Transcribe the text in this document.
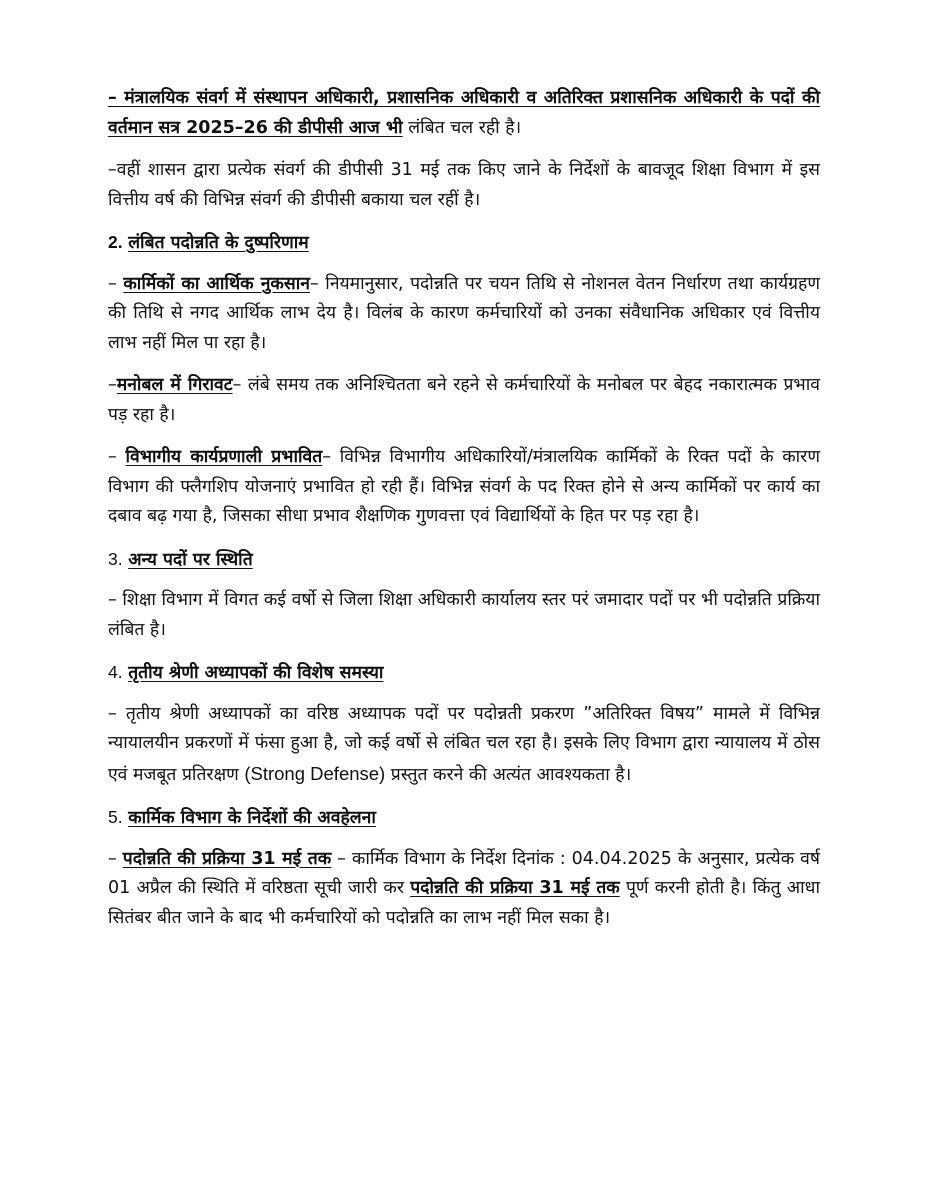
– मंत्रालयिक संवर्ग में संस्थापन अधिकारी, प्रशासनिक अधिकारी व अतिरिक्त प्रशासनिक अधिकारी के पदों की वर्तमान सत्र 2025–26 की डीपीसी आज भी लंबित चल रही है।

–वहीं शासन द्वारा प्रत्येक संवर्ग की डीपीसी 31 मई तक किए जाने के निर्देशों के बावजूद शिक्षा विभाग में इस वित्तीय वर्ष की विभिन्न संवर्ग की डीपीसी बकाया चल रहीं है।

2. लंबित पदोन्नति के दुष्परिणाम

– कार्मिकों का आर्थिक नुकसान– नियमानुसार, पदोन्नति पर चयन तिथि से नोशनल वेतन निर्धारण तथा कार्यग्रहण की तिथि से नगद आर्थिक लाभ देय है। विलंब के कारण कर्मचारियों को उनका संवैधानिक अधिकार एवं वित्तीय लाभ नहीं मिल पा रहा है।

–मनोबल में गिरावट– लंबे समय तक अनिश्चितता बने रहने से कर्मचारियों के मनोबल पर बेहद नकारात्मक प्रभाव पड़ रहा है।

– विभागीय कार्यप्रणाली प्रभावित– विभिन्न विभागीय अधिकारियों/मंत्रालयिक कार्मिकों के रिक्त पदों के कारण विभाग की फ्लैगशिप योजनाएं प्रभावित हो रही हैं। विभिन्न संवर्ग के पद रिक्त होने से अन्य कार्मिकों पर कार्य का दबाव बढ़ गया है, जिसका सीधा प्रभाव शैक्षणिक गुणवत्ता एवं विद्यार्थियों के हित पर पड़ रहा है।

3. अन्य पदों पर स्थिति

– शिक्षा विभाग में विगत कई वर्षो से जिला शिक्षा अधिकारी कार्यालय स्तर परं जमादार पदों पर भी पदोन्नति प्रक्रिया लंबित है।

4. तृतीय श्रेणी अध्यापकों की विशेष समस्या

– तृतीय श्रेणी अध्यापकों का वरिष्ठ अध्यापक पदों पर पदोन्नती प्रकरण ”अतिरिक्त विषय” मामले में विभिन्न न्यायालयीन प्रकरणों में फंसा हुआ है, जो कई वर्षो से लंबित चल रहा है। इसके लिए विभाग द्वारा न्यायालय में ठोस एवं मजबूत प्रतिरक्षण (Strong Defense) प्रस्तुत करने की अत्यंत आवश्यकता है।

5. कार्मिक विभाग के निर्देशों की अवहेलना

– पदोन्नति की प्रक्रिया 31 मई तक – कार्मिक विभाग के निर्देश दिनांक : 04.04.2025 के अनुसार, प्रत्येक वर्ष 01 अप्रैल की स्थिति में वरिष्ठता सूची जारी कर पदोन्नति की प्रक्रिया 31 मई तक पूर्ण करनी होती है। किंतु आधा सितंबर बीत जाने के बाद भी कर्मचारियों को पदोन्नति का लाभ नहीं मिल सका है।
